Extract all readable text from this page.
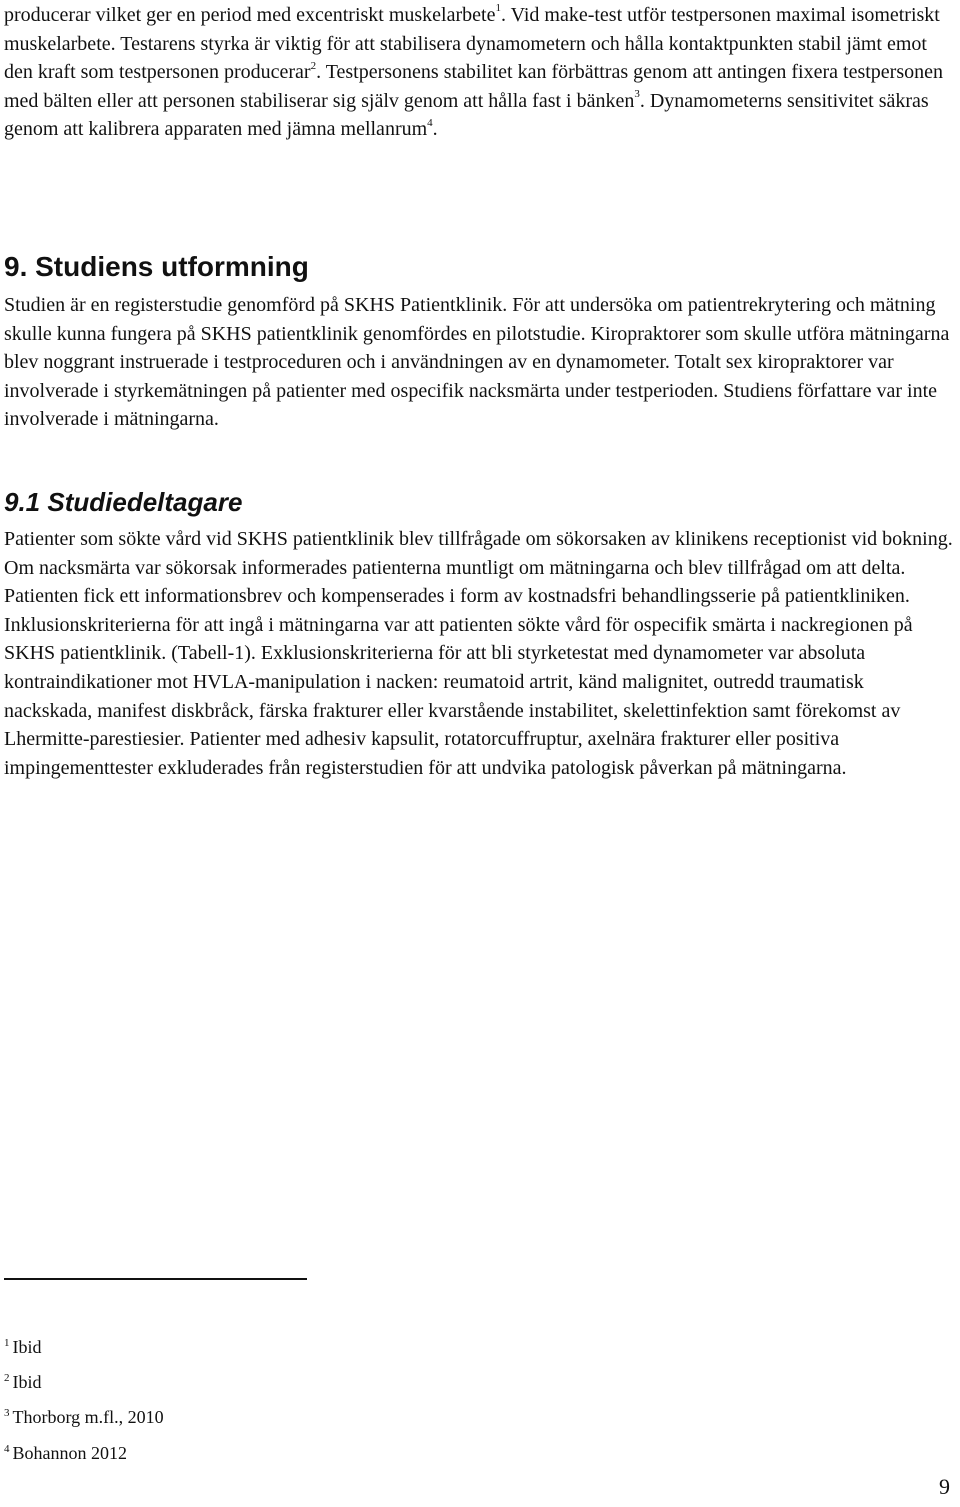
producerar vilket ger en period med excentriskt muskelarbete$^1$. Vid make-test utför testpersonen maximal isometriskt muskelarbete. Testarens styrka är viktig för att stabilisera dynamometern och hålla kontaktpunkten stabil jämt emot den kraft som testpersonen producerar$^2$. Testpersonens stabilitet kan förbättras genom att antingen fixera testpersonen med bälten eller att personen stabiliserar sig själv genom att hålla fast i bänken$^3$. Dynamometerns sensitivitet säkras genom att kalibrera apparaten med jämna mellanrum$^4$.

9. Studiens utformning

Studien är en registerstudie genomförd på SKHS Patientklinik. För att undersöka om patientrekrytering och mätning skulle kunna fungera på SKHS patientklinik genomfördes en pilotstudie. Kiropraktorer som skulle utföra mätningarna blev noggrant instruerade i testproceduren och i användningen av en dynamometer. Totalt sex kiropraktorer var involverade i styrkemätningen på patienter med ospecifik nacksmärta under testperioden. Studiens författare var inte involverade i mätningarna.

9.1 Studiedeltagare

Patienter som sökte vård vid SKHS patientklinik blev tillfrågade om sökorsaken av klinikens receptionist vid bokning. Om nacksmärta var sökorsak informerades patienterna muntligt om mätningarna och blev tillfrågad om att delta. Patienten fick ett informationsbrev och kompenserades i form av kostnadsfri behandlingsserie på patientkliniken. Inklusionskriterierna för att ingå i mätningarna var att patienten sökte vård för ospecifik smärta i nackregionen på SKHS patientklinik. (Tabell-1). Exklusionskriterierna för att bli styrketestat med dynamometer var absoluta kontraindikationer mot HVLA-manipulation i nacken: reumatoid artrit, känd malignitet, outredd traumatisk nackskada, manifest diskbråck, färska frakturer eller kvarstående instabilitet, skelettinfektion samt förekomst av Lhermitte-parestiesier. Patienter med adhesiv kapsulit, rotatorcuffruptur, axelnära frakturer eller positiva impingementtester exkluderades från registerstudien för att undvika patologisk påverkan på mätningarna.

$^1$ Ibid
$^2$ Ibid
$^3$ Thorborg m.fl., 2010
$^4$ Bohannon 2012
9
